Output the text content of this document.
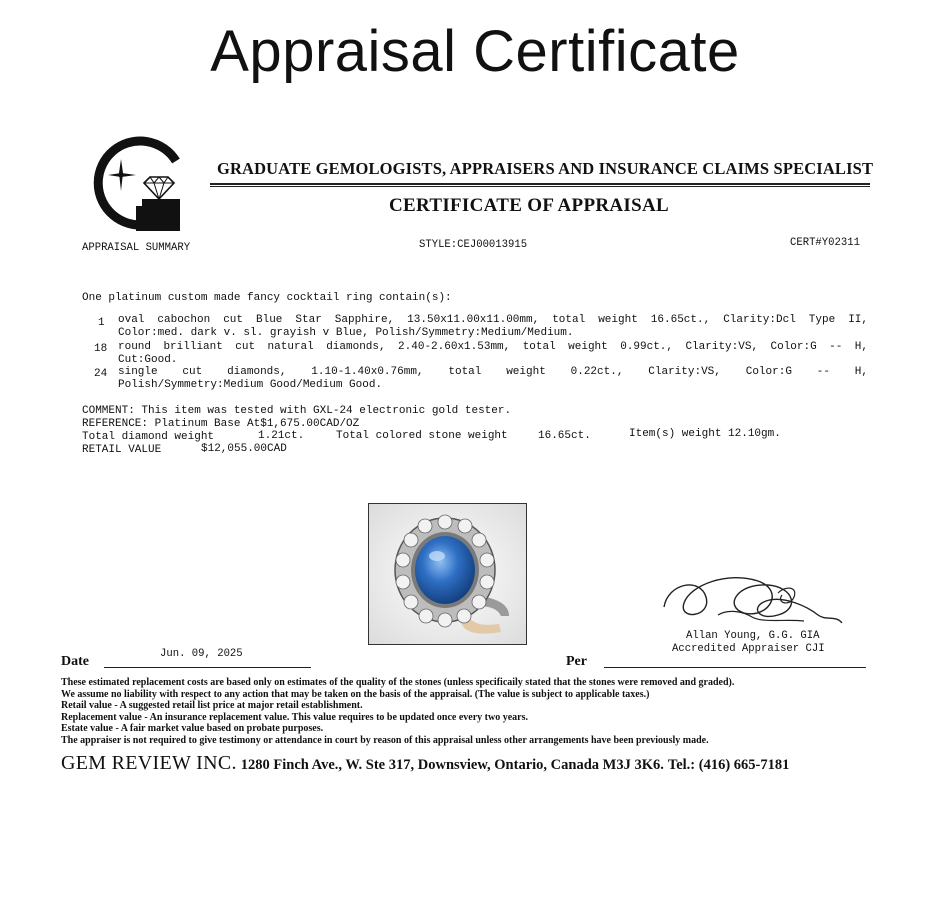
Appraisal Certificate
GRADUATE GEMOLOGISTS, APPRAISERS AND INSURANCE CLAIMS SPECIALIST
CERTIFICATE OF APPRAISAL
APPRAISAL SUMMARY	STYLE:CEJ00013915	CERT#Y02311
One platinum custom made fancy cocktail ring contain(s):
1 oval cabochon cut Blue Star Sapphire, 13.50x11.00x11.00mm, total weight 16.65ct., Clarity:Dcl Type II,
Color:med. dark v. sl. grayish v Blue, Polish/Symmetry:Medium/Medium.
18 round brilliant cut natural diamonds, 2.40-2.60x1.53mm, total weight 0.99ct., Clarity:VS, Color:G -- H,
Cut:Good.
24 single cut diamonds, 1.10-1.40x0.76mm, total weight 0.22ct., Clarity:VS, Color:G -- H,
Polish/Symmetry:Medium Good/Medium Good.
COMMENT: This item was tested with GXL-24 electronic gold tester.
REFERENCE: Platinum Base At$1,675.00CAD/OZ
Total diamond weight	1.21ct.	Total colored stone weight	16.65ct.	Item(s) weight 12.10gm.
RETAIL VALUE	$12,055.00CAD
Allan Young, G.G. GIA
Accredited Appraiser CJI
Jun. 09, 2025
Date	Per
These estimated replacement costs are based only on estimates of the quality of the stones (unless specificaily stated that the stones were removed and graded).
We assume no liability with respect to any action that may be taken on the basis of the appraisal. (The value is subject to applicable taxes.)
Retail value - A suggested retail list price at major retail establishment.
Replacement value - An insurance replacement value. This value requires to be updated once every two years.
Estate value - A fair market value based on probate purposes.
The appraiser is not required to give testimony or attendance in court by reason of this appraisal unless other arrangements have been previously made.
GEM REVIEW INC. 1280 Finch Ave., W. Ste 317, Downsview, Ontario, Canada M3J 3K6. Tel.: (416) 665-7181
